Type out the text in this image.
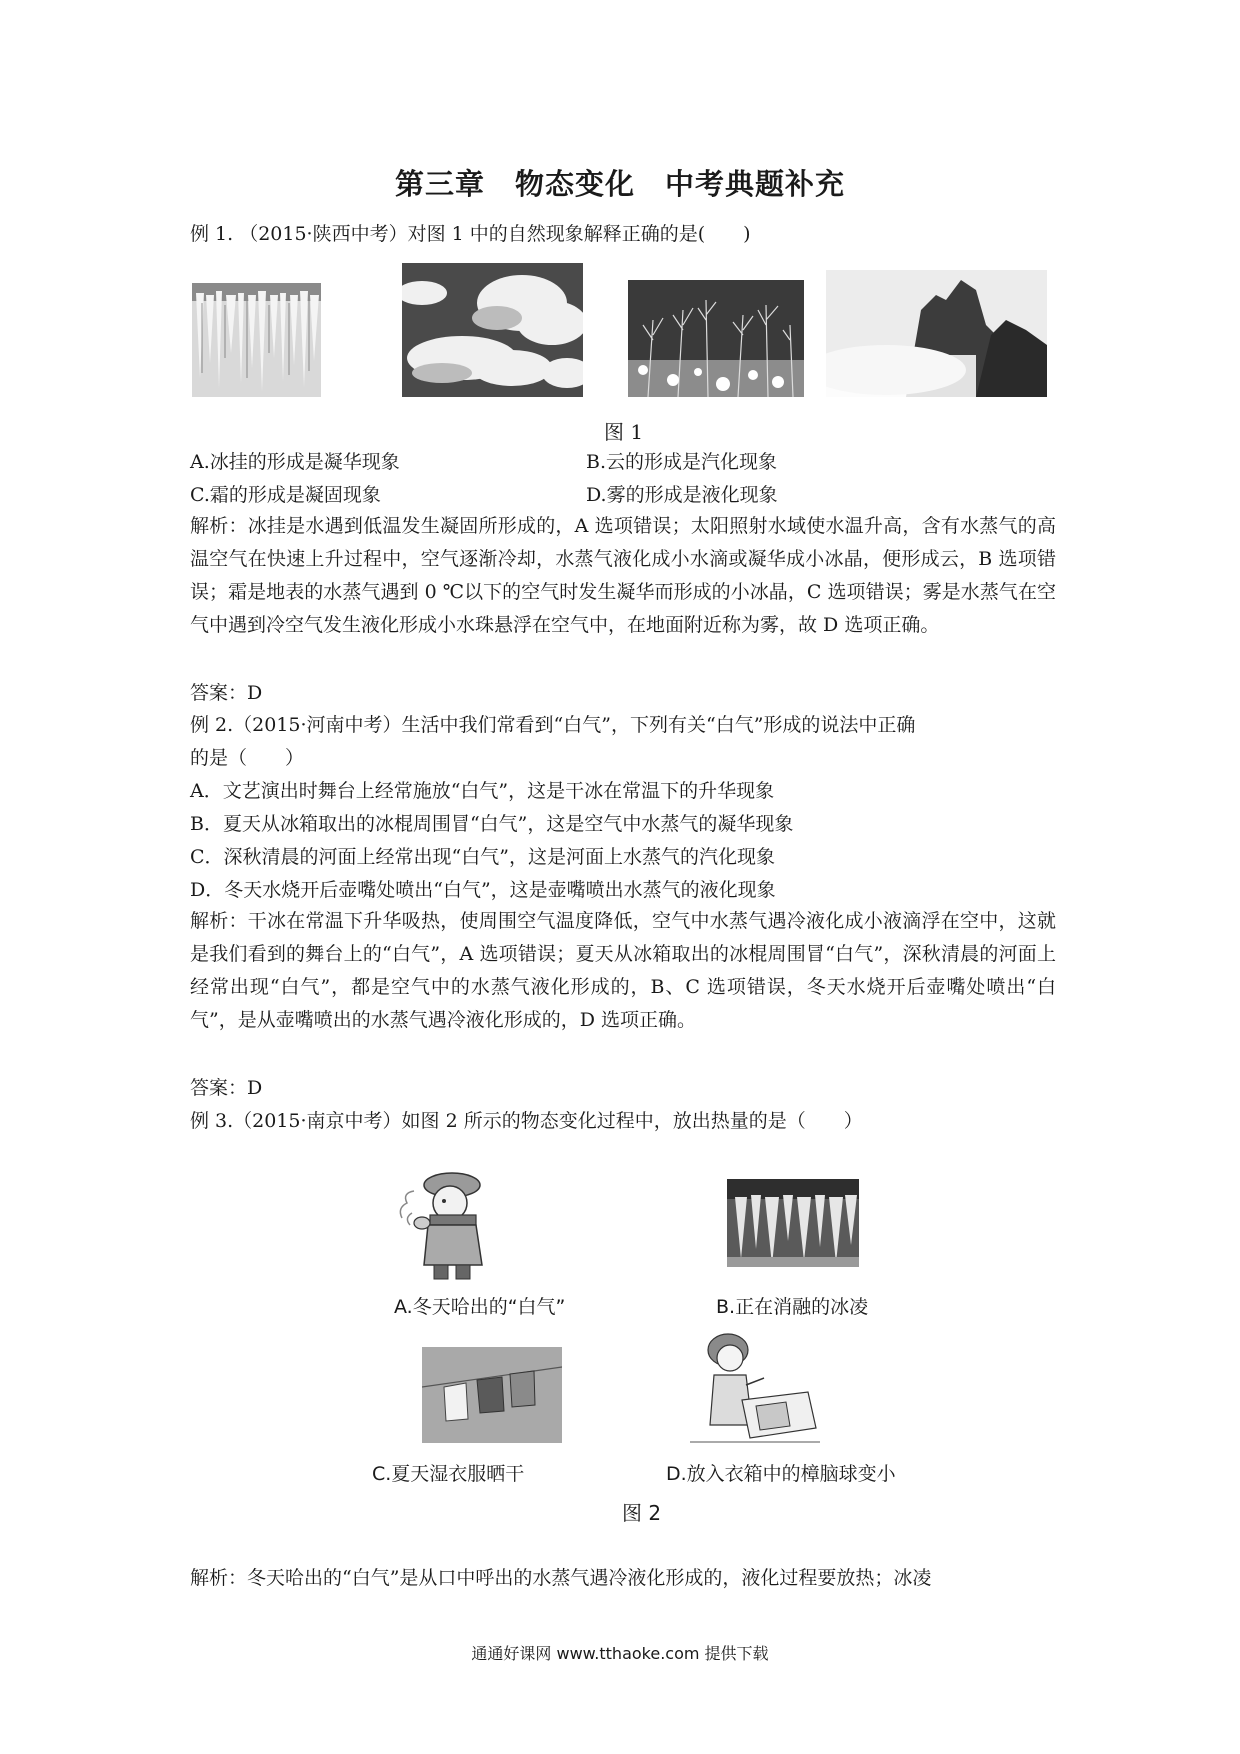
第三章　物态变化　中考典题补充
例 1. （2015·陕西中考）对图 1 中的自然现象解释正确的是(　　)
图 1
A.冰挂的形成是凝华现象	B.云的形成是汽化现象
C.霜的形成是凝固现象	D.雾的形成是液化现象
解析：冰挂是水遇到低温发生凝固所形成的，A 选项错误；太阳照射水域使水温升高，含有水蒸气的高温空气在快速上升过程中，空气逐渐冷却，水蒸气液化成小水滴或凝华成小冰晶，便形成云，B 选项错误；霜是地表的水蒸气遇到 0 ℃以下的空气时发生凝华而形成的小冰晶，C 选项错误；雾是水蒸气在空气中遇到冷空气发生液化形成小水珠悬浮在空气中，在地面附近称为雾，故 D 选项正确。
答案：D
例 2.（2015·河南中考）生活中我们常看到“白气”，下列有关“白气”形成的说法中正确
的是（　　）
A．文艺演出时舞台上经常施放“白气”，这是干冰在常温下的升华现象
B．夏天从冰箱取出的冰棍周围冒“白气”，这是空气中水蒸气的凝华现象
C．深秋清晨的河面上经常出现“白气”，这是河面上水蒸气的汽化现象
D．冬天水烧开后壶嘴处喷出“白气”，这是壶嘴喷出水蒸气的液化现象
解析：干冰在常温下升华吸热，使周围空气温度降低，空气中水蒸气遇冷液化成小液滴浮在空中，这就是我们看到的舞台上的“白气”，A 选项错误；夏天从冰箱取出的冰棍周围冒“白气”，深秋清晨的河面上经常出现“白气”，都是空气中的水蒸气液化形成的，B、C 选项错误，冬天水烧开后壶嘴处喷出“白气”，是从壶嘴喷出的水蒸气遇冷液化形成的，D 选项正确。
答案：D
例 3.（2015·南京中考）如图 2 所示的物态变化过程中，放出热量的是（　　）
A.冬天哈出的“白气”	B.正在消融的冰凌
C.夏天湿衣服晒干	D.放入衣箱中的樟脑球变小
图 2
解析：冬天哈出的“白气”是从口中呼出的水蒸气遇冷液化形成的，液化过程要放热；冰凌
通通好课网 www.tthaoke.com 提供下载
